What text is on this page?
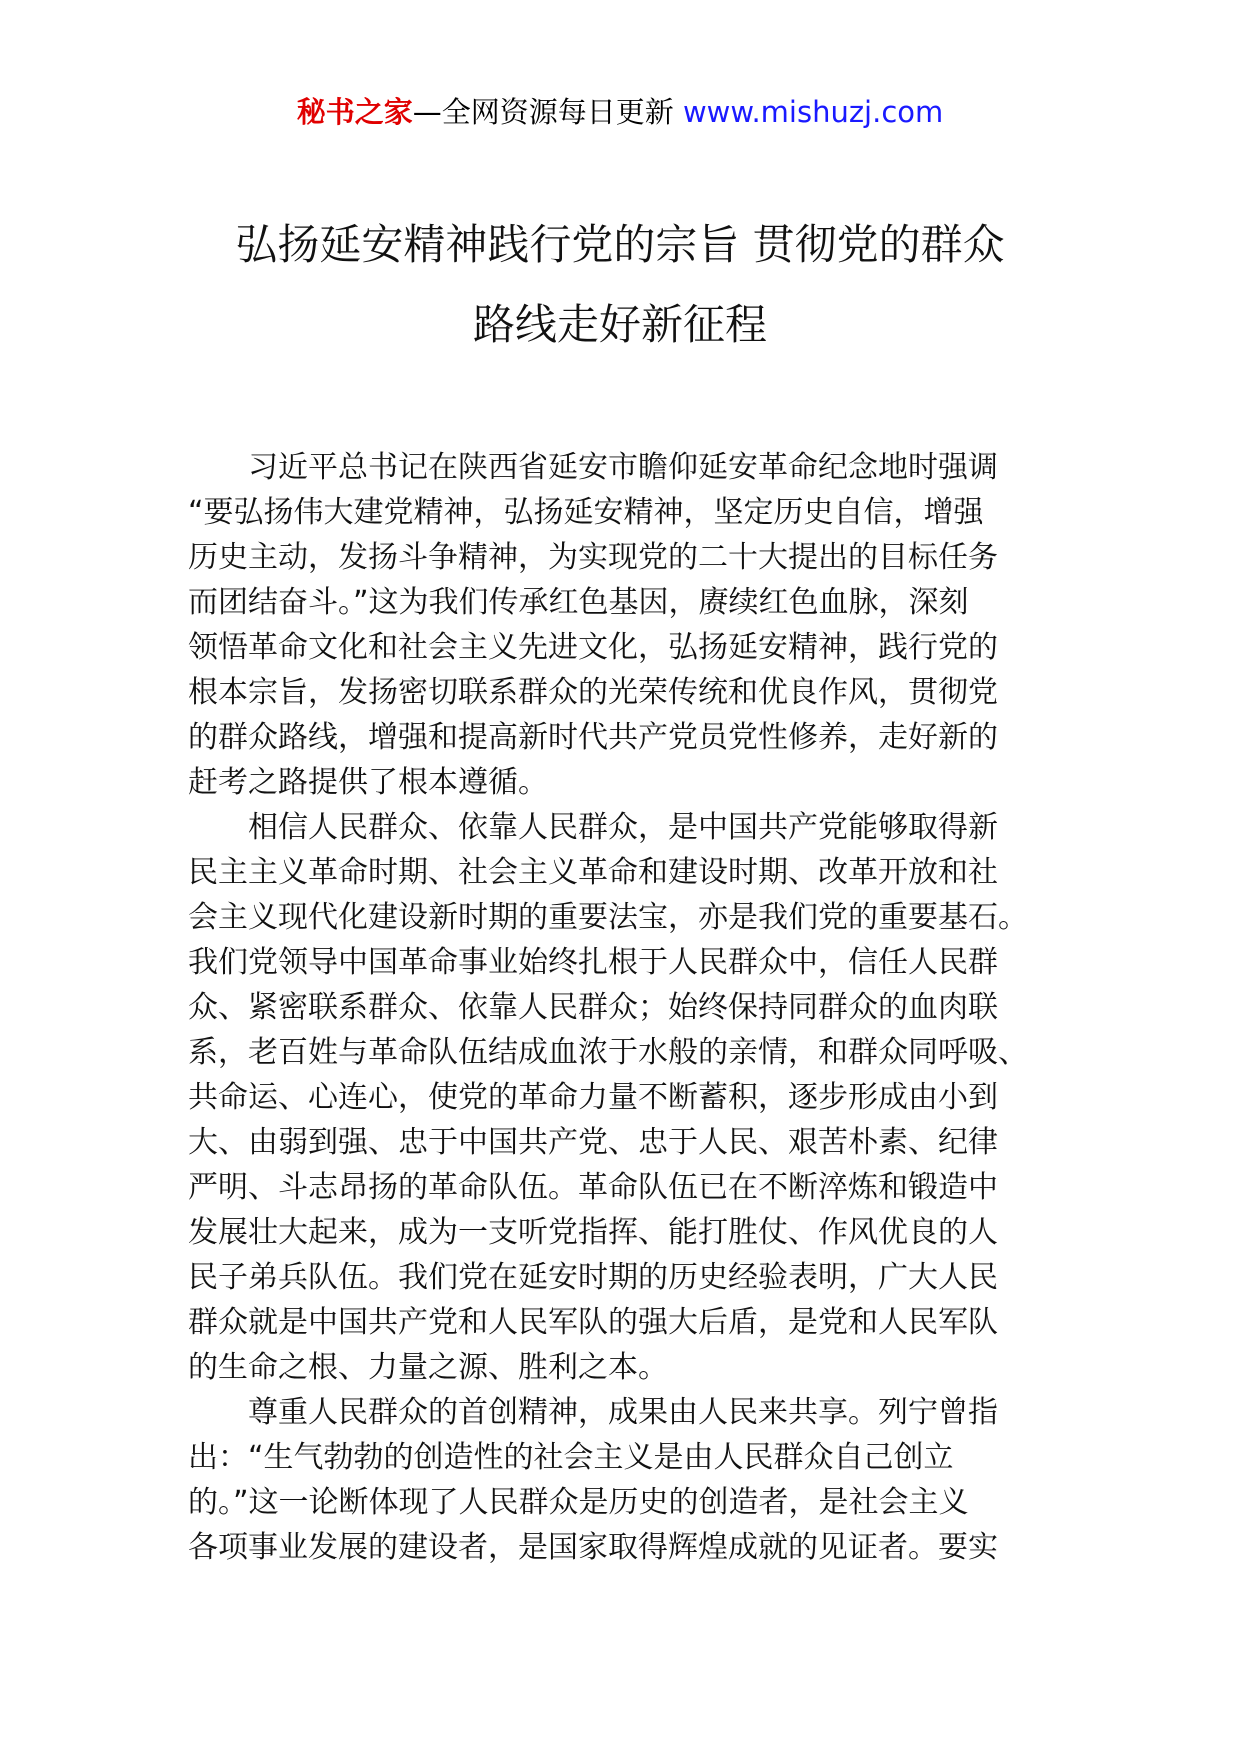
秘书之家—全网资源每日更新 www.mishuzj.com
弘扬延安精神践行党的宗旨 贯彻党的群众
路线走好新征程

习近平总书记在陕西省延安市瞻仰延安革命纪念地时强调
“要弘扬伟大建党精神，弘扬延安精神，坚定历史自信，增强
历史主动，发扬斗争精神，为实现党的二十大提出的目标任务
而团结奋斗。”这为我们传承红色基因，赓续红色血脉，深刻
领悟革命文化和社会主义先进文化，弘扬延安精神，践行党的
根本宗旨，发扬密切联系群众的光荣传统和优良作风，贯彻党
的群众路线，增强和提高新时代共产党员党性修养，走好新的
赶考之路提供了根本遵循。

相信人民群众、依靠人民群众，是中国共产党能够取得新
民主主义革命时期、社会主义革命和建设时期、改革开放和社
会主义现代化建设新时期的重要法宝，亦是我们党的重要基石。
我们党领导中国革命事业始终扎根于人民群众中，信任人民群
众、紧密联系群众、依靠人民群众；始终保持同群众的血肉联
系，老百姓与革命队伍结成血浓于水般的亲情，和群众同呼吸、
共命运、心连心，使党的革命力量不断蓄积，逐步形成由小到
大、由弱到强、忠于中国共产党、忠于人民、艰苦朴素、纪律
严明、斗志昂扬的革命队伍。革命队伍已在不断淬炼和锻造中
发展壮大起来，成为一支听党指挥、能打胜仗、作风优良的人
民子弟兵队伍。我们党在延安时期的历史经验表明，广大人民
群众就是中国共产党和人民军队的强大后盾，是党和人民军队
的生命之根、力量之源、胜利之本。

尊重人民群众的首创精神，成果由人民来共享。列宁曾指
出：“生气勃勃的创造性的社会主义是由人民群众自己创立
的。”这一论断体现了人民群众是历史的创造者，是社会主义
各项事业发展的建设者，是国家取得辉煌成就的见证者。要实
